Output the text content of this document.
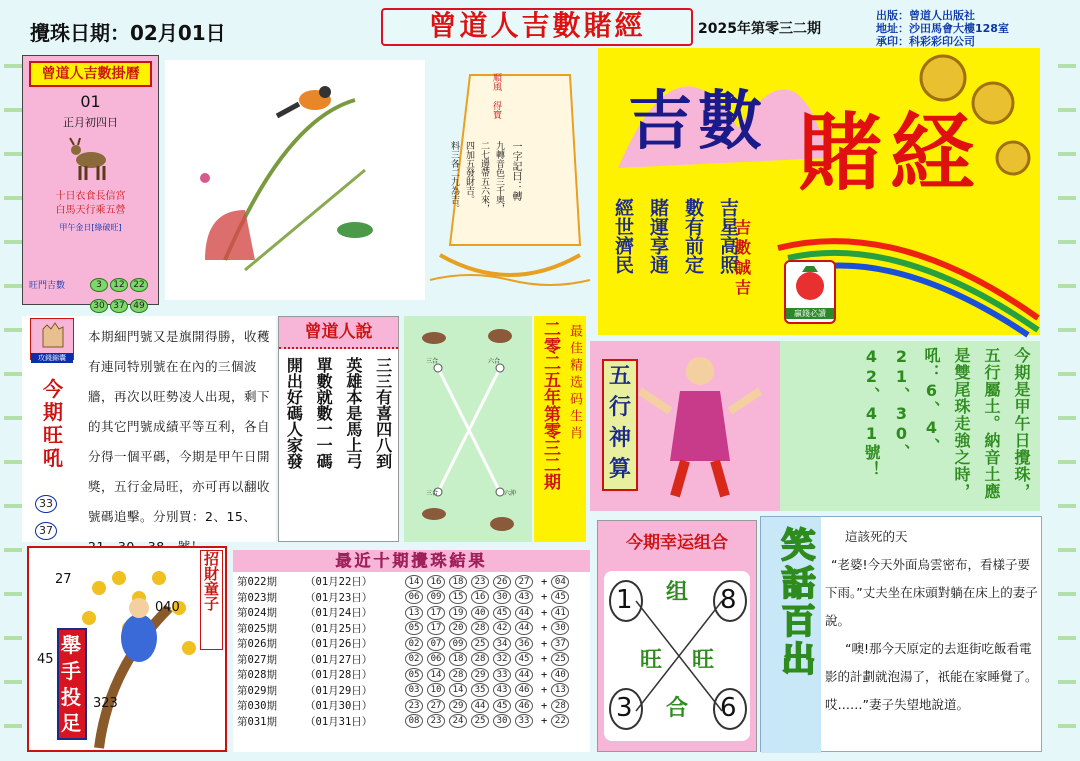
攪珠日期：02月01日	曾道人吉數賭經	2025年第零三二期
出版：曾道人出版社
地址：沙田馬會大樓128室
承印：科彩彩印公司
曾道人吉數掛曆
01
正月初四日
十日衣食長信宮
白馬天行乘五營
甲午金日[綠破旺]
旺門吉數	3 12 2230 37 49
順風 得寶
一字記曰：轉
九轉音色三千奧，
二七邊帶五六來，
四加五發財吉。
料三各二九為吉。
吉數 賭経
吉星高照
數有前定
賭運享通
經世濟民	吉數誠吉
贏錢必讀
攻錢錦囊
今期旺吼
3337
本期細門號又是旗開得勝，收穫有連同特別號在在內的三個波牆，再次以旺勢凌人出現，剩下的其它門號成績平等互利，各自分得一個平碼，今期是甲午日開獎，五行金局旺，亦可再以翻收號碼追擊。分別買：2、15、
曾道人說
三三有喜四八到
英雄本是馬上弓
單數就數一一碼
開出好碼人家發	三合	六合
三合	六沖
二零二五年第零三二期 最佳精选码生肖 五行神算	今期是甲午日攪珠，五行屬土。納音土應是雙尾珠走強之時，吼：6、4、21、30、42、41號！
今期幸运组合
1	8
3	6
组
旺 旺
合
笑話百出	這該死的天
“老婆!今天外面烏雲密布，看樣子要下雨。”丈夫坐在床頭對躺在床上的妻子說。
“噢!那今天原定的去逛街吃飯看電影的計劃就泡湯了，祇能在家睡覺了。哎……”妻子失望地說道。
27
040
45
323
舉手投足
招財童子	最近十期攪珠結果
第022期	（01月22日）	14	16	18	23	26	27	+ 04
第023期	（01月23日）	06	09	15	16	30	43	+ 45
第024期	（01月24日）	13	17	19	40	45	44	+ 41
第025期	（01月25日）	05	17	20	28	42	44	+ 30
第026期	（01月26日）	02	07	09	25	34	36	+ 37
第027期	（01月27日）	02	06	18	28	32	45	+ 25
第028期	（01月28日）	05	14	28	29	33	44	+ 40
第029期	（01月29日）	03	10	14	35	43	46	+ 13
第030期	（01月30日）	23	27	29	44	45	46	+ 28
第031期	（01月31日）	08	23	24	25	30	33	+ 22
